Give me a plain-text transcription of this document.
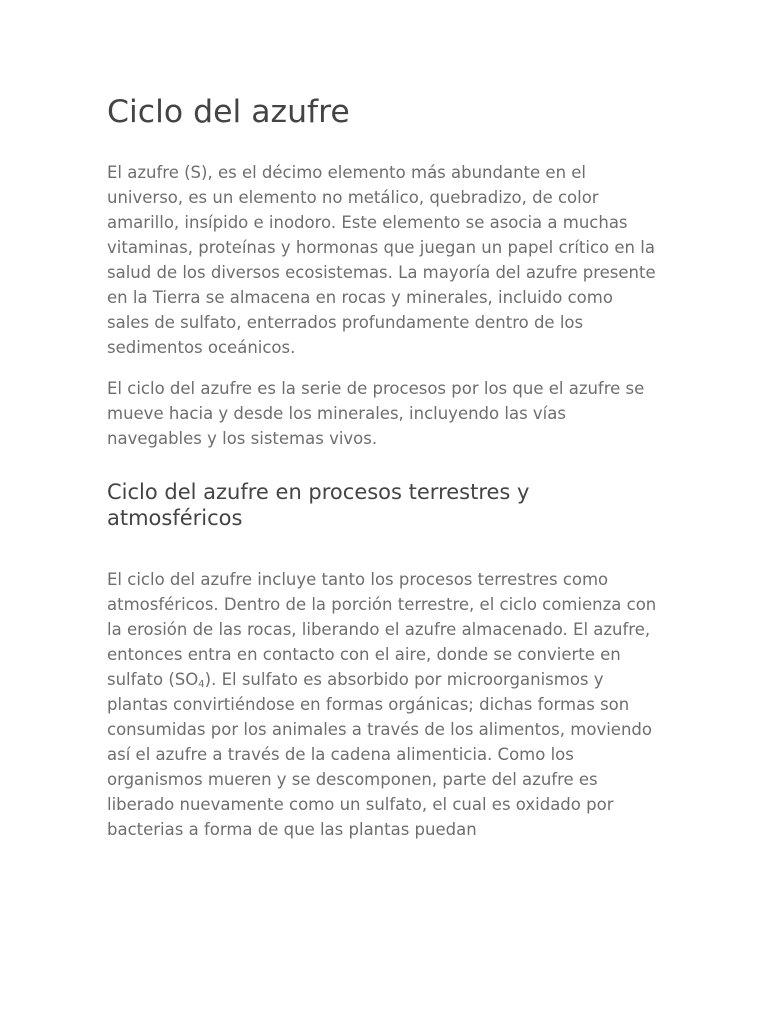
Ciclo del azufre

El azufre (S), es el décimo elemento más abundante en el universo, es un elemento no metálico, quebradizo, de color amarillo, insípido e inodoro. Este elemento se asocia a muchas vitaminas, proteínas y hormonas que juegan un papel crítico en la salud de los diversos ecosistemas. La mayoría del azufre presente en la Tierra se almacena en rocas y minerales, incluido como sales de sulfato, enterrados profundamente dentro de los sedimentos oceánicos.

El ciclo del azufre es la serie de procesos por los que el azufre se mueve hacia y desde los minerales, incluyendo las vías navegables y los sistemas vivos.

Ciclo del azufre en procesos terrestres y atmosféricos

El ciclo del azufre incluye tanto los procesos terrestres como atmosféricos. Dentro de la porción terrestre, el ciclo comienza con la erosión de las rocas, liberando el azufre almacenado. El azufre, entonces entra en contacto con el aire, donde se convierte en sulfato $(SO_4)$. El sulfato es absorbido por microorganismos y plantas convirtiéndose en formas orgánicas; dichas formas son consumidas por los animales a través de los alimentos, moviendo así el azufre a través de la cadena alimenticia. Como los organismos mueren y se descomponen, parte del azufre es liberado nuevamente como un sulfato, el cual es oxidado por bacterias a forma de que las plantas puedan
